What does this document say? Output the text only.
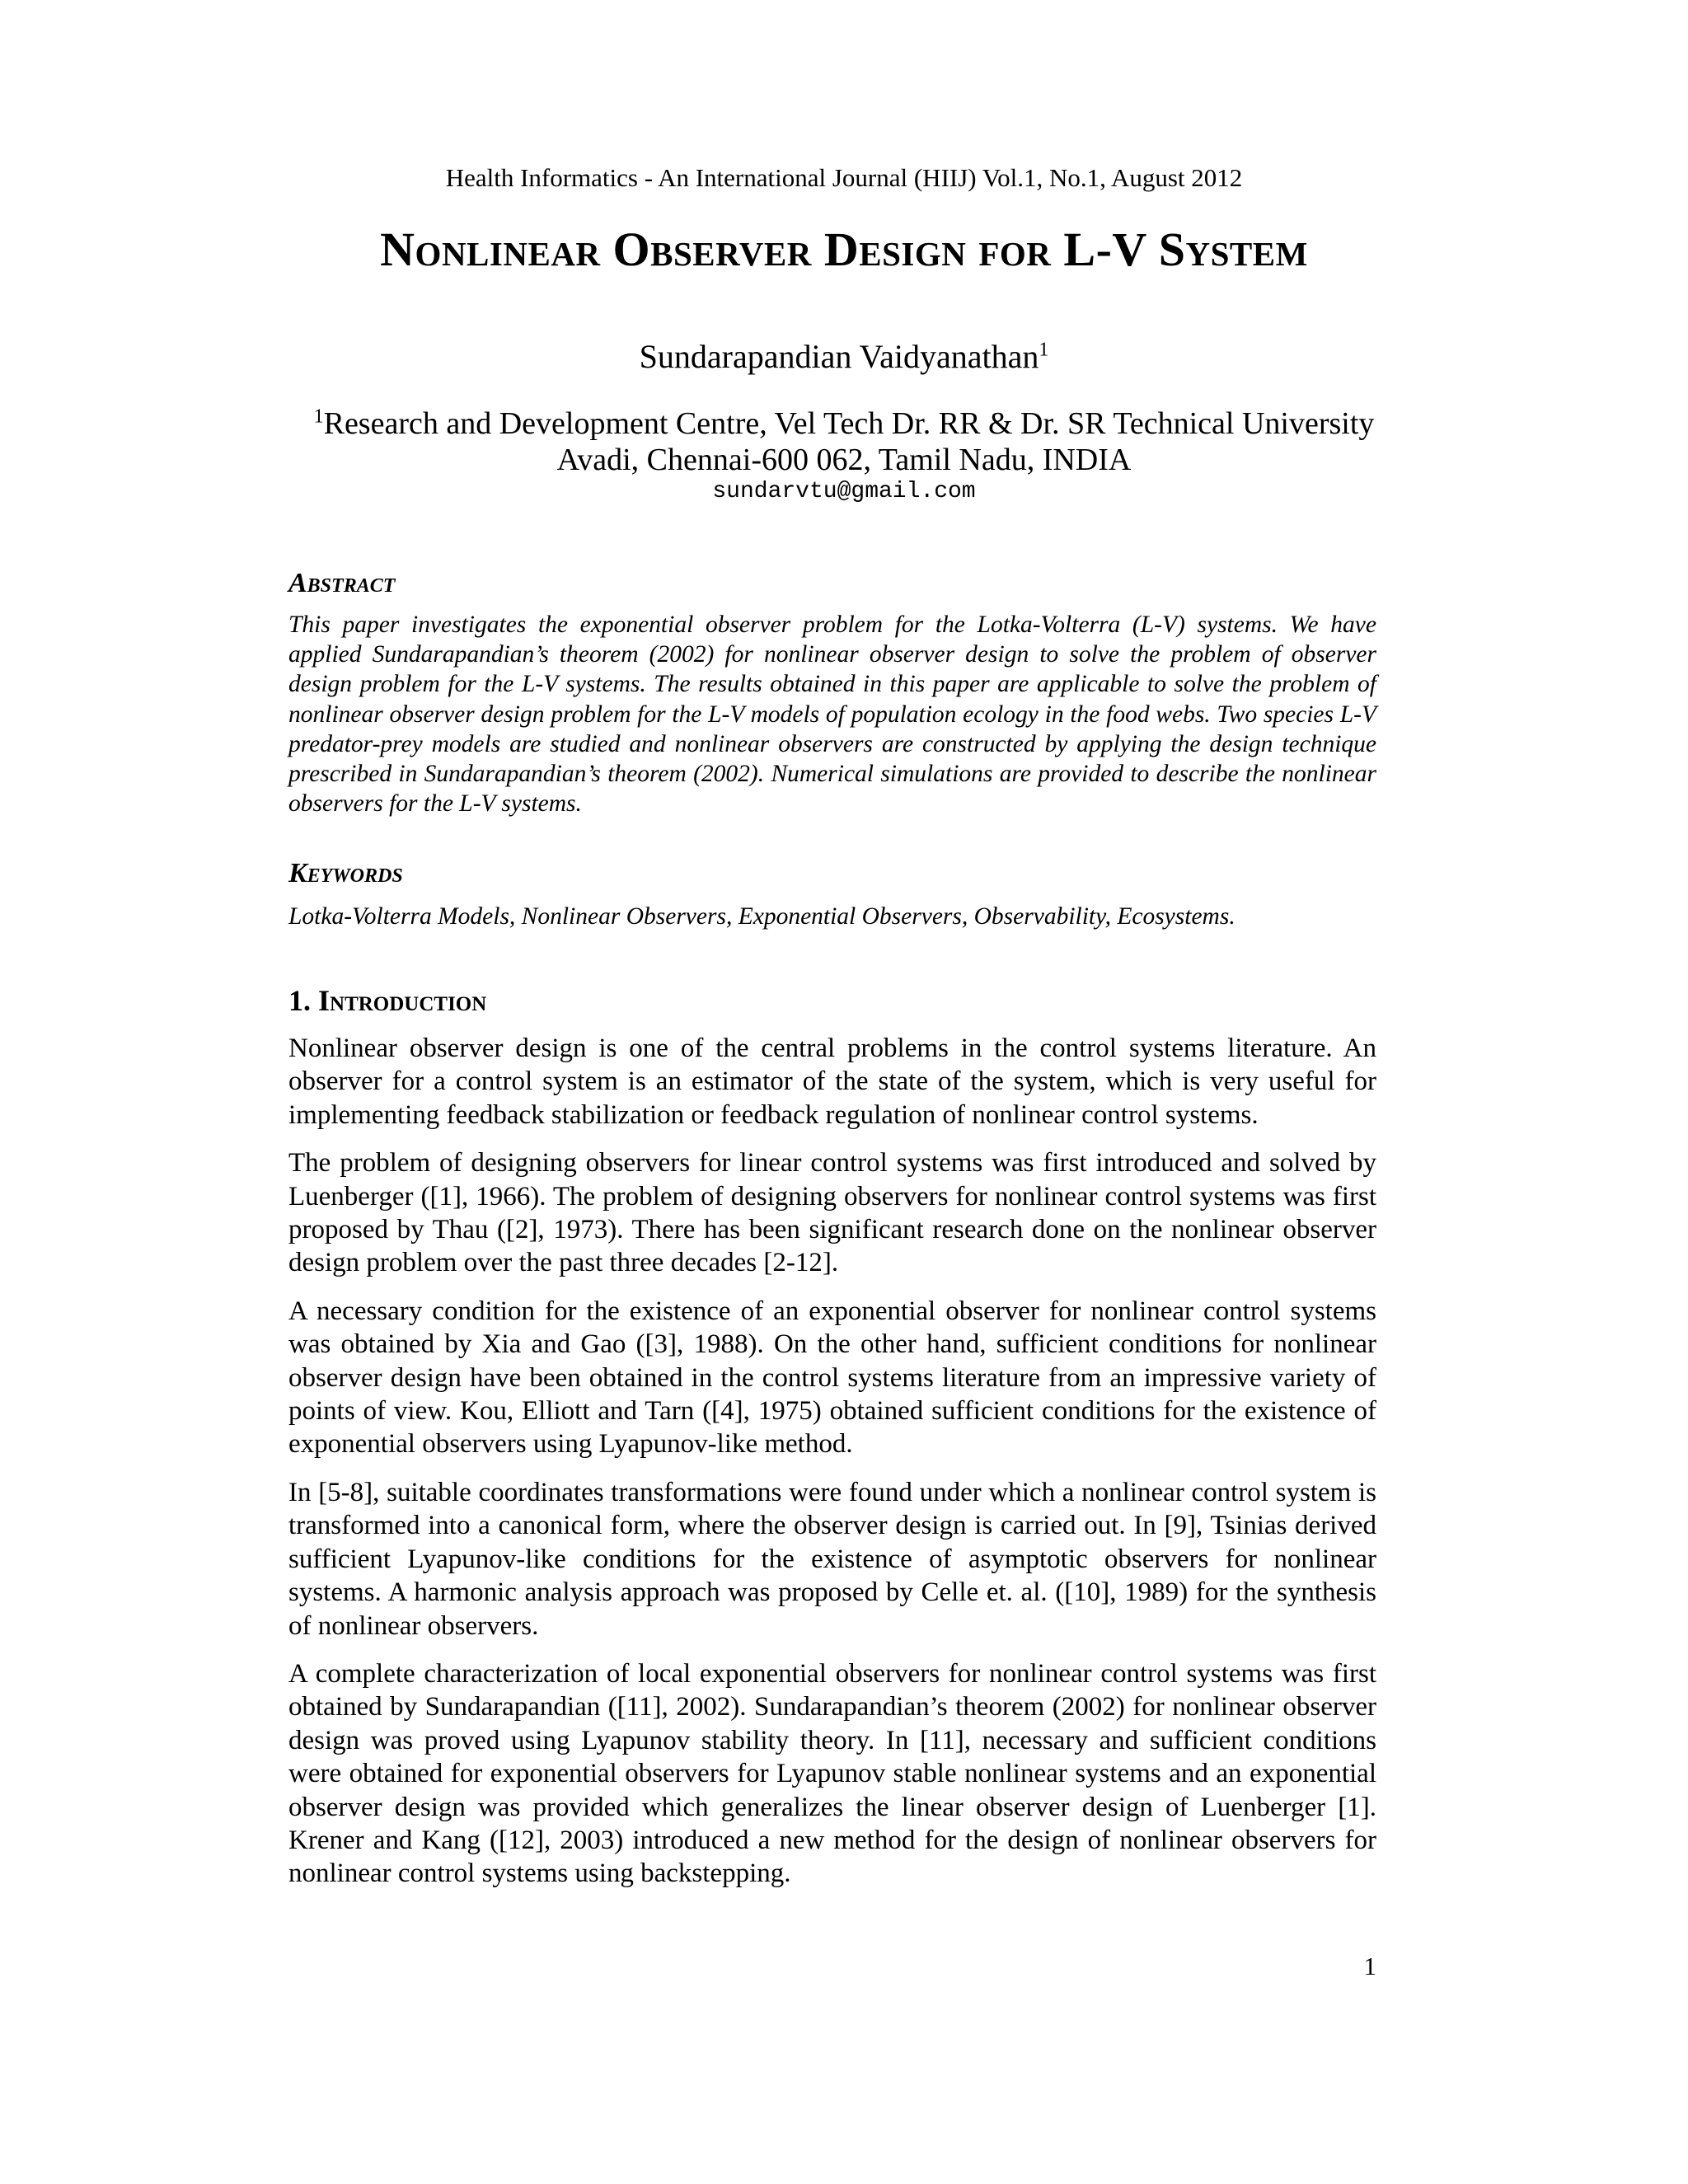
Health Informatics - An International Journal (HIIJ) Vol.1, No.1, August 2012
Nonlinear Observer Design for L-V System
Sundarapandian Vaidyanathan$^1$
$^1$Research and Development Centre, Vel Tech Dr. RR & Dr. SR Technical University
Avadi, Chennai-600 062, Tamil Nadu, INDIA
sundarvtu@gmail.com
Abstract
This paper investigates the exponential observer problem for the Lotka-Volterra (L-V) systems. We have applied Sundarapandian’s theorem (2002) for nonlinear observer design to solve the problem of observer design problem for the L-V systems. The results obtained in this paper are applicable to solve the problem of nonlinear observer design problem for the L-V models of population ecology in the food webs. Two species L-V predator-prey models are studied and nonlinear observers are constructed by applying the design technique prescribed in Sundarapandian’s theorem (2002). Numerical simulations are provided to describe the nonlinear observers for the L-V systems.
Keywords
Lotka-Volterra Models, Nonlinear Observers, Exponential Observers, Observability, Ecosystems.
1. Introduction

Nonlinear observer design is one of the central problems in the control systems literature. An observer for a control system is an estimator of the state of the system, which is very useful for implementing feedback stabilization or feedback regulation of nonlinear control systems.

The problem of designing observers for linear control systems was first introduced and solved by Luenberger ([1], 1966). The problem of designing observers for nonlinear control systems was first proposed by Thau ([2], 1973). There has been significant research done on the nonlinear observer design problem over the past three decades [2-12].

A necessary condition for the existence of an exponential observer for nonlinear control systems was obtained by Xia and Gao ([3], 1988). On the other hand, sufficient conditions for nonlinear observer design have been obtained in the control systems literature from an impressive variety of points of view. Kou, Elliott and Tarn ([4], 1975) obtained sufficient conditions for the existence of exponential observers using Lyapunov-like method.

In [5-8], suitable coordinates transformations were found under which a nonlinear control system is transformed into a canonical form, where the observer design is carried out. In [9], Tsinias derived sufficient Lyapunov-like conditions for the existence of asymptotic observers for nonlinear systems. A harmonic analysis approach was proposed by Celle et. al. ([10], 1989) for the synthesis of nonlinear observers.

A complete characterization of local exponential observers for nonlinear control systems was first obtained by Sundarapandian ([11], 2002). Sundarapandian’s theorem (2002) for nonlinear observer design was proved using Lyapunov stability theory. In [11], necessary and sufficient conditions were obtained for exponential observers for Lyapunov stable nonlinear systems and an exponential observer design was provided which generalizes the linear observer design of Luenberger [1]. Krener and Kang ([12], 2003) introduced a new method for the design of nonlinear observers for nonlinear control systems using backstepping.

1
